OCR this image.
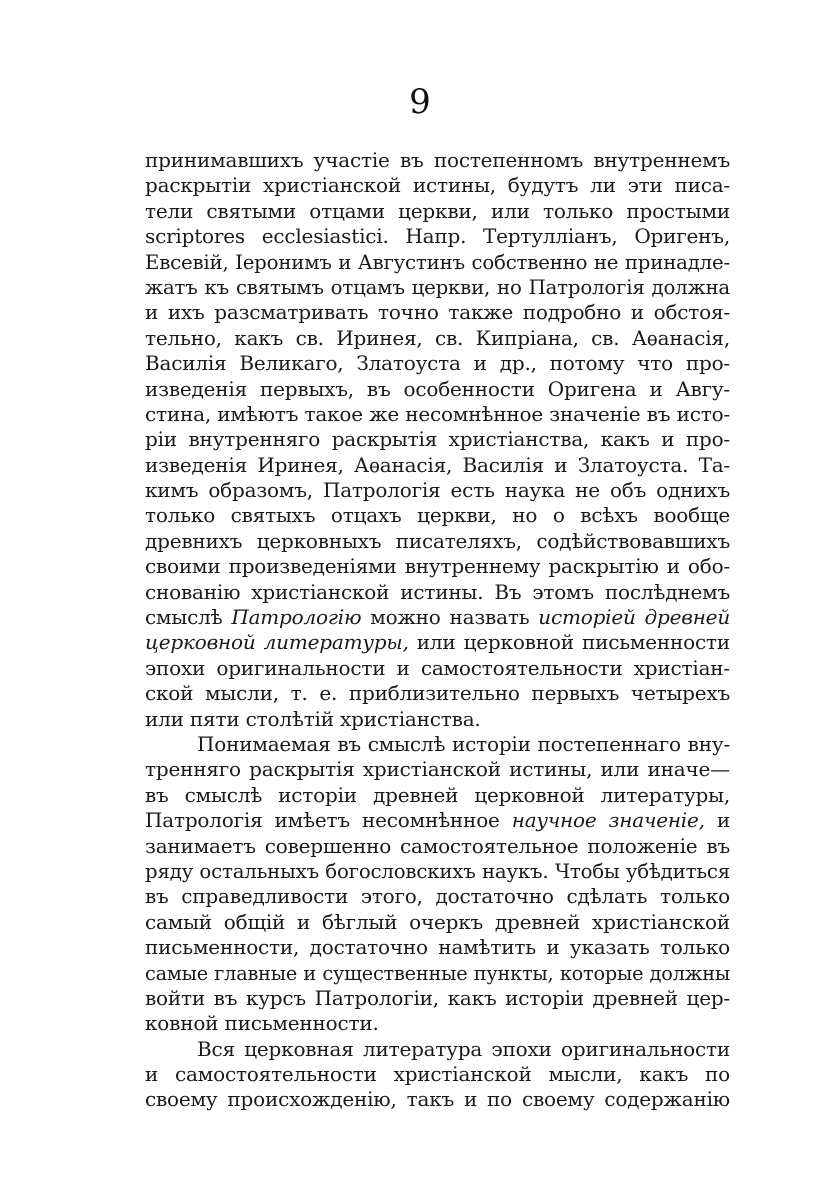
9
принимавшихъ участіе въ постепенномъ внутреннемъ
раскрытіи христіанской истины, будутъ ли эти писа-
тели святыми отцами церкви, или только простыми
scriptores ecclesiastici. Напр. Тертулліанъ, Оригенъ,
Евсевій, Іеронимъ и Августинъ собственно не принадле-
жатъ къ святымъ отцамъ церкви, но Патрологія должна
и ихъ разсматривать точно также подробно и обстоя-
тельно, какъ св. Иринея, св. Кипріана, св. Аѳанасія,
Василія Великаго, Златоуста и др., потому что про-
изведенія первыхъ, въ особенности Оригена и Авгу-
стина, имѣютъ такое же несомнѣнное значеніе въ исто-
ріи внутренняго раскрытія христіанства, какъ и про-
изведенія Иринея, Аѳанасія, Василія и Златоуста. Та-
кимъ образомъ, Патрологія есть наука не объ однихъ
только святыхъ отцахъ церкви, но о всѣхъ вообще
древнихъ церковныхъ писателяхъ, содѣйствовавшихъ
своими произведеніями внутреннему раскрытію и обо-
снованію христіанской истины. Въ этомъ послѣднемъ
смыслѣ Патрологію можно назвать исторіей древней
церковной литературы, или церковной письменности
эпохи оригинальности и самостоятельности христіан-
ской мысли, т. е. приблизительно первыхъ четырехъ
или пяти столѣтій христіанства.
Понимаемая въ смыслѣ исторіи постепеннаго вну-
тренняго раскрытія христіанской истины, или иначе—
въ смыслѣ исторіи древней церковной литературы,
Патрологія имѣетъ несомнѣнное научное значеніе, и
занимаетъ совершенно самостоятельное положеніе въ
ряду остальныхъ богословскихъ наукъ. Чтобы убѣдиться
въ справедливости этого, достаточно сдѣлать только
самый общій и бѣглый очеркъ древней христіанской
письменности, достаточно намѣтить и указать только
самые главные и существенные пункты, которые должны
войти въ курсъ Патрологіи, какъ исторіи древней цер-
ковной письменности.
Вся церковная литература эпохи оригинальности
и самостоятельности христіанской мысли, какъ по
своему происхожденію, такъ и по своему содержанію
